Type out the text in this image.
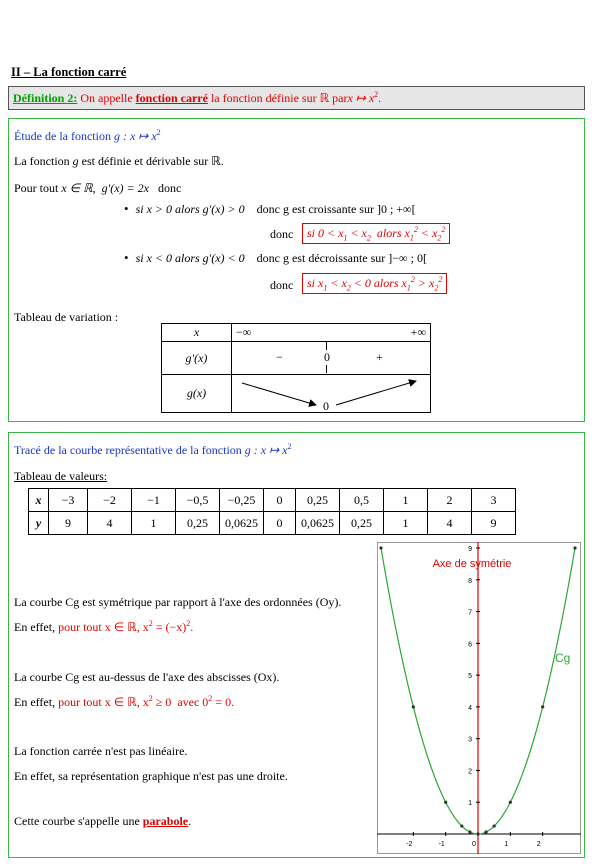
II – La fonction carré
Définition 2: On appelle fonction carré la fonction définie sur ℝ parx ↦ $x^2$.
Étude de la fonction g : x ↦ $x^2$
La fonction g est définie et dérivable sur ℝ.
Pour tout x ∈ ℝ, g'(x) = 2x donc
• si x > 0 alors g'(x) > 0 donc g est croissante sur ]0 ; +∞[
donc	si $0 < x_1 < x_2$ alors $x_1^2 < x_2^2$
• si x < 0 alors g'(x) < 0 donc g est décroissante sur ]−∞ ; 0[
donc	si $x_1 < x_2 < 0$ alors $x_1^2 > x_2^2$
Tableau de variation :
x	−∞ +∞

g'(x)	− 0 +

g(x)	0
Tracé de la courbe représentative de la fonction g : x ↦ $x^2$
Tableau de valeurs:
x	−3	−2	−1	−0,5	−0,25	0	0,25	0,5	1	2	3
y	9	4	1	0,25	0,0625	0	0,0625	0,25	1	4	9
La courbe Cg est symétrique par rapport à l'axe des ordonnées (Oy).
En effet, pour tout x ∈ ℝ, $x^2 = (-x)^2$.
La courbe Cg est au-dessus de l'axe des abscisses (Ox).
En effet, pour tout x ∈ ℝ, $x^2 \ge 0$ avec $0^2 = 0$.
La fonction carrée n'est pas linéaire.
En effet, sa représentation graphique n'est pas une droite.
Cette courbe s'appelle une parabole.
-2	-1	0	1	2
1
2
3
4
5
6
7
8
9
Axe de symétrie
Cg
